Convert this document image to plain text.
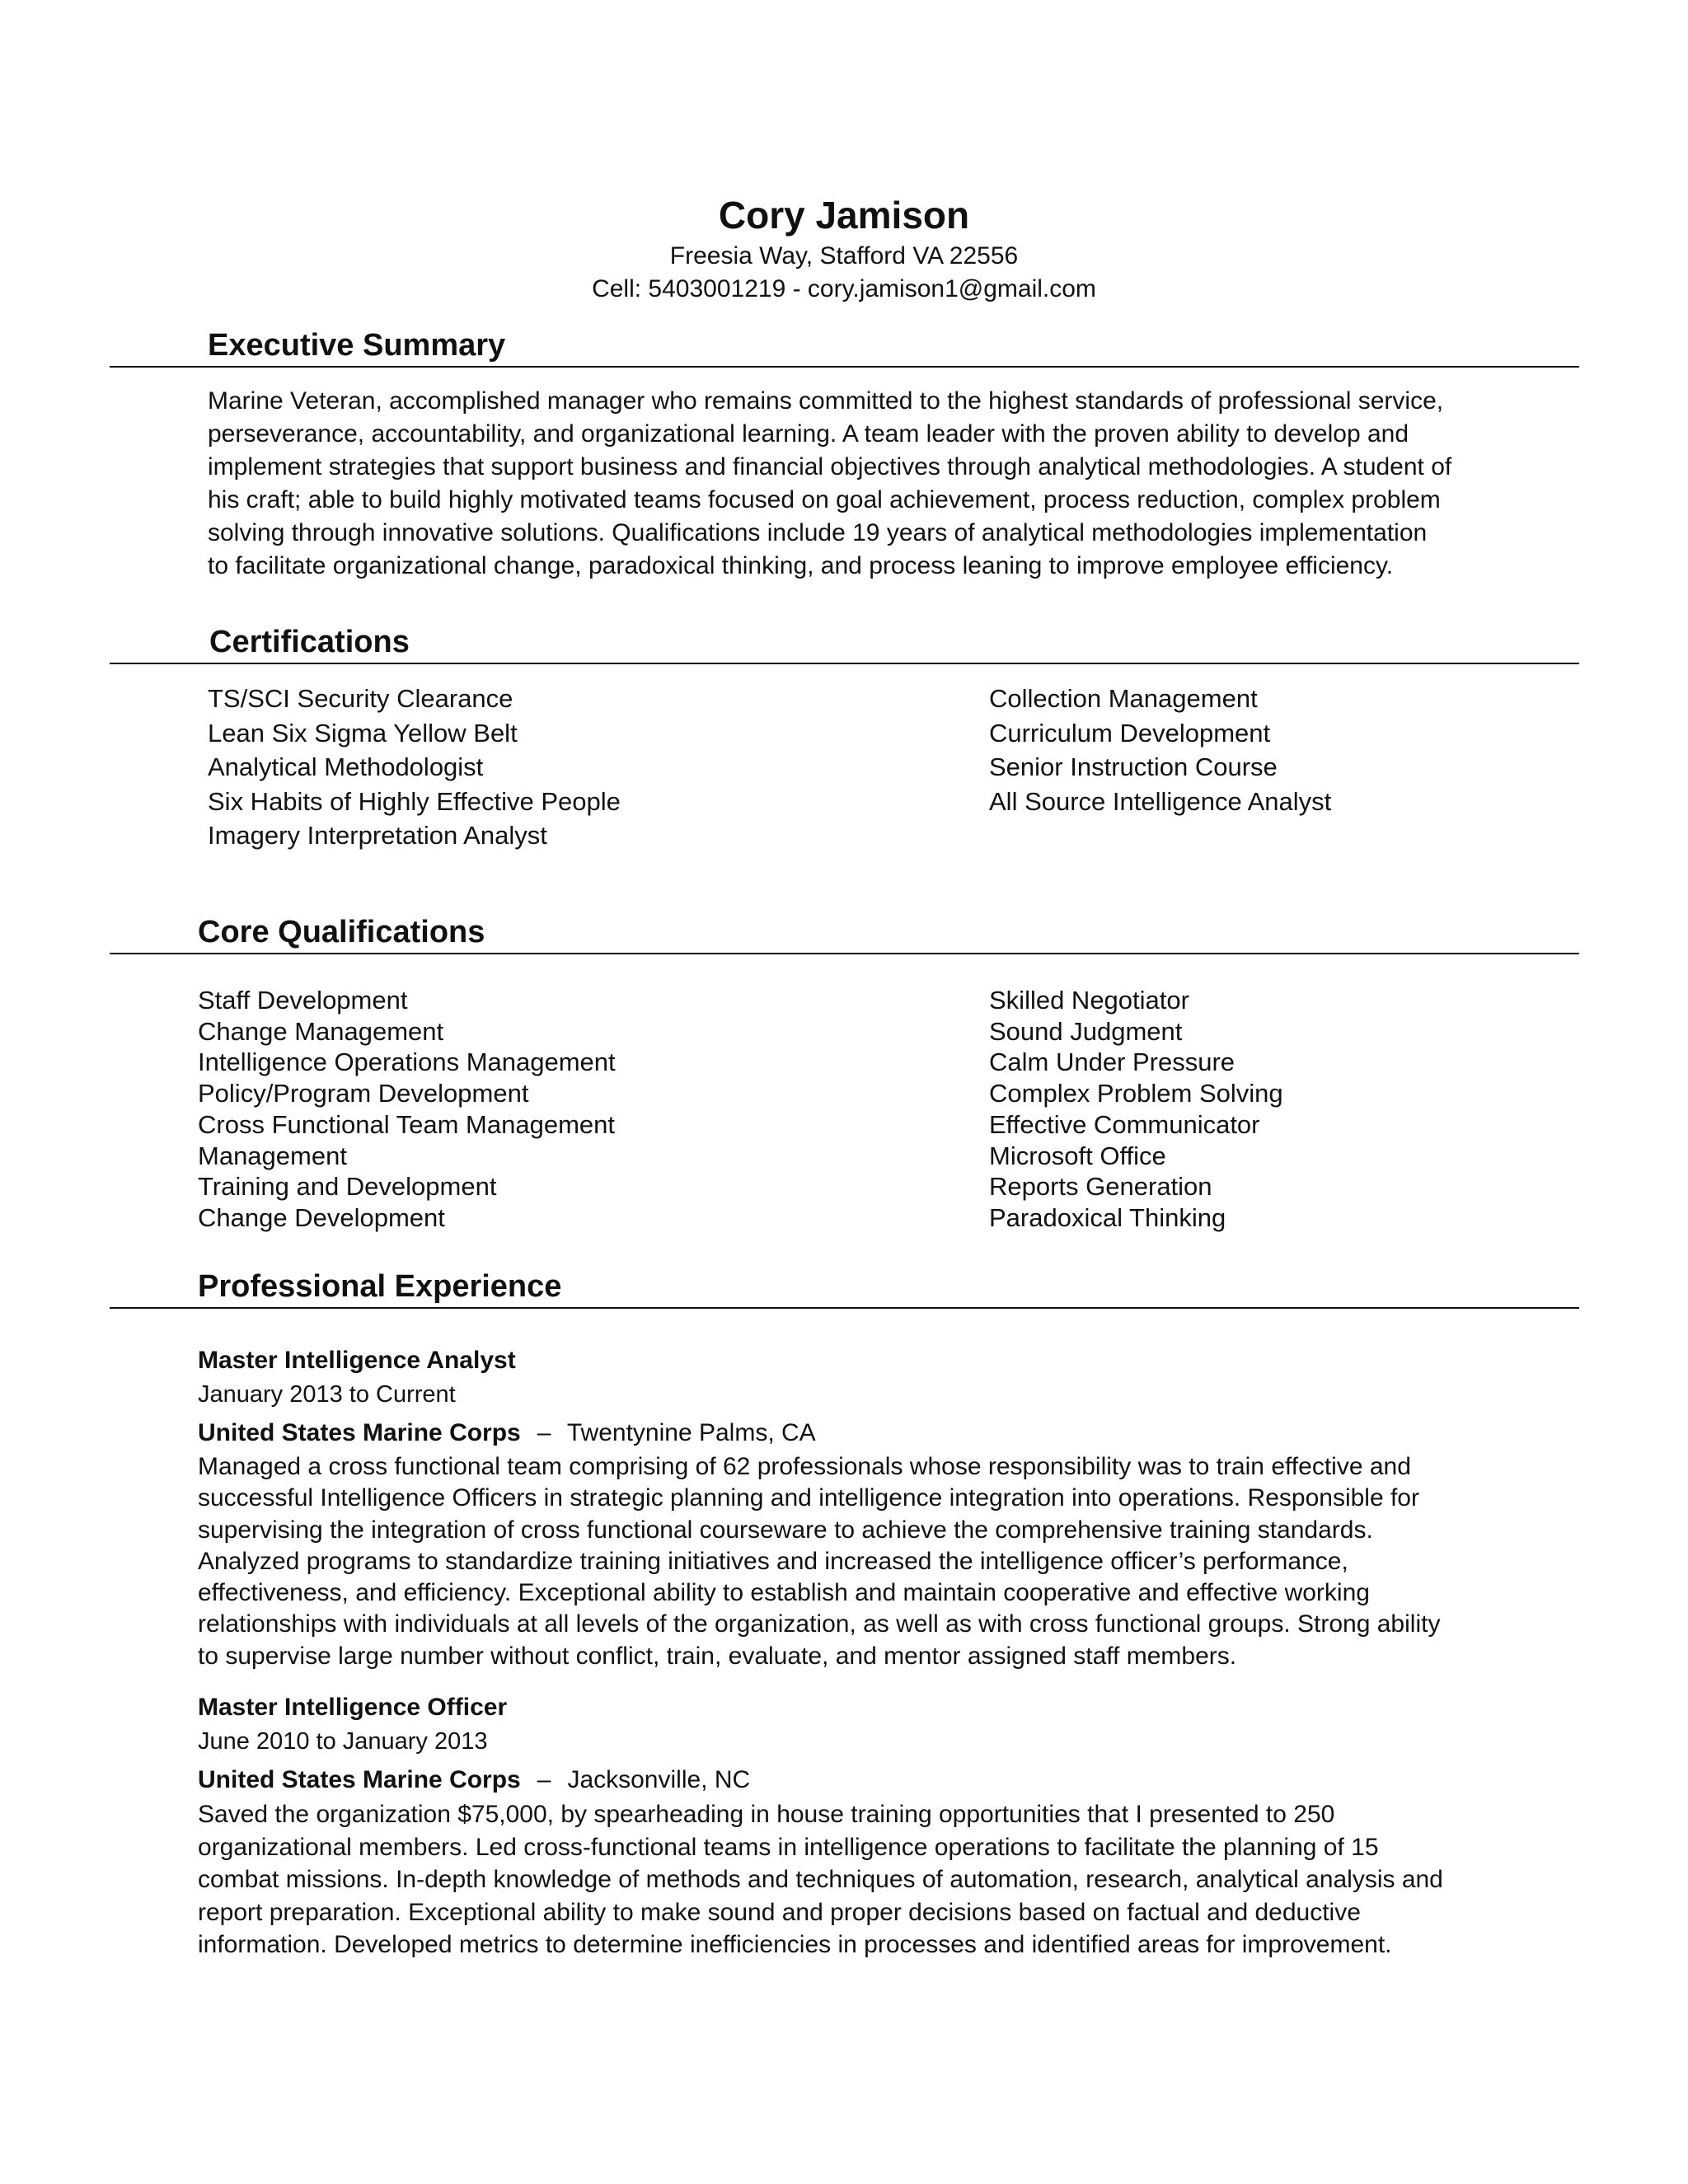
Cory Jamison
Freesia Way, Stafford VA 22556
Cell: 5403001219 - cory.jamison1@gmail.com
Executive Summary
Marine Veteran, accomplished manager who remains committed to the highest standards of professional service,
perseverance, accountability, and organizational learning. A team leader with the proven ability to develop and
implement strategies that support business and financial objectives through analytical methodologies. A student of
his craft; able to build highly motivated teams focused on goal achievement, process reduction, complex problem
solving through innovative solutions. Qualifications include 19 years of analytical methodologies implementation
to facilitate organizational change, paradoxical thinking, and process leaning to improve employee efficiency.
Certifications
TS/SCI Security Clearance
Lean Six Sigma Yellow Belt
Analytical Methodologist
Six Habits of Highly Effective People
Imagery Interpretation Analyst
Collection Management
Curriculum Development
Senior Instruction Course
All Source Intelligence Analyst
Core Qualifications
Staff Development
Change Management
Intelligence Operations Management
Policy/Program Development
Cross Functional Team Management
Management
Training and Development
Change Development
Skilled Negotiator
Sound Judgment
Calm Under Pressure
Complex Problem Solving
Effective Communicator
Microsoft Office
Reports Generation
Paradoxical Thinking
Professional Experience
Master Intelligence Analyst
January 2013 to Current
United States Marine Corps – Twentynine Palms, CA
Managed a cross functional team comprising of 62 professionals whose responsibility was to train effective and
successful Intelligence Officers in strategic planning and intelligence integration into operations. Responsible for
supervising the integration of cross functional courseware to achieve the comprehensive training standards.
Analyzed programs to standardize training initiatives and increased the intelligence officer’s performance,
effectiveness, and efficiency. Exceptional ability to establish and maintain cooperative and effective working
relationships with individuals at all levels of the organization, as well as with cross functional groups. Strong ability
to supervise large number without conflict, train, evaluate, and mentor assigned staff members.
Master Intelligence Officer
June 2010 to January 2013
United States Marine Corps – Jacksonville, NC
Saved the organization $75,000, by spearheading in house training opportunities that I presented to 250
organizational members. Led cross-functional teams in intelligence operations to facilitate the planning of 15
combat missions. In-depth knowledge of methods and techniques of automation, research, analytical analysis and
report preparation. Exceptional ability to make sound and proper decisions based on factual and deductive
information. Developed metrics to determine inefficiencies in processes and identified areas for improvement.
